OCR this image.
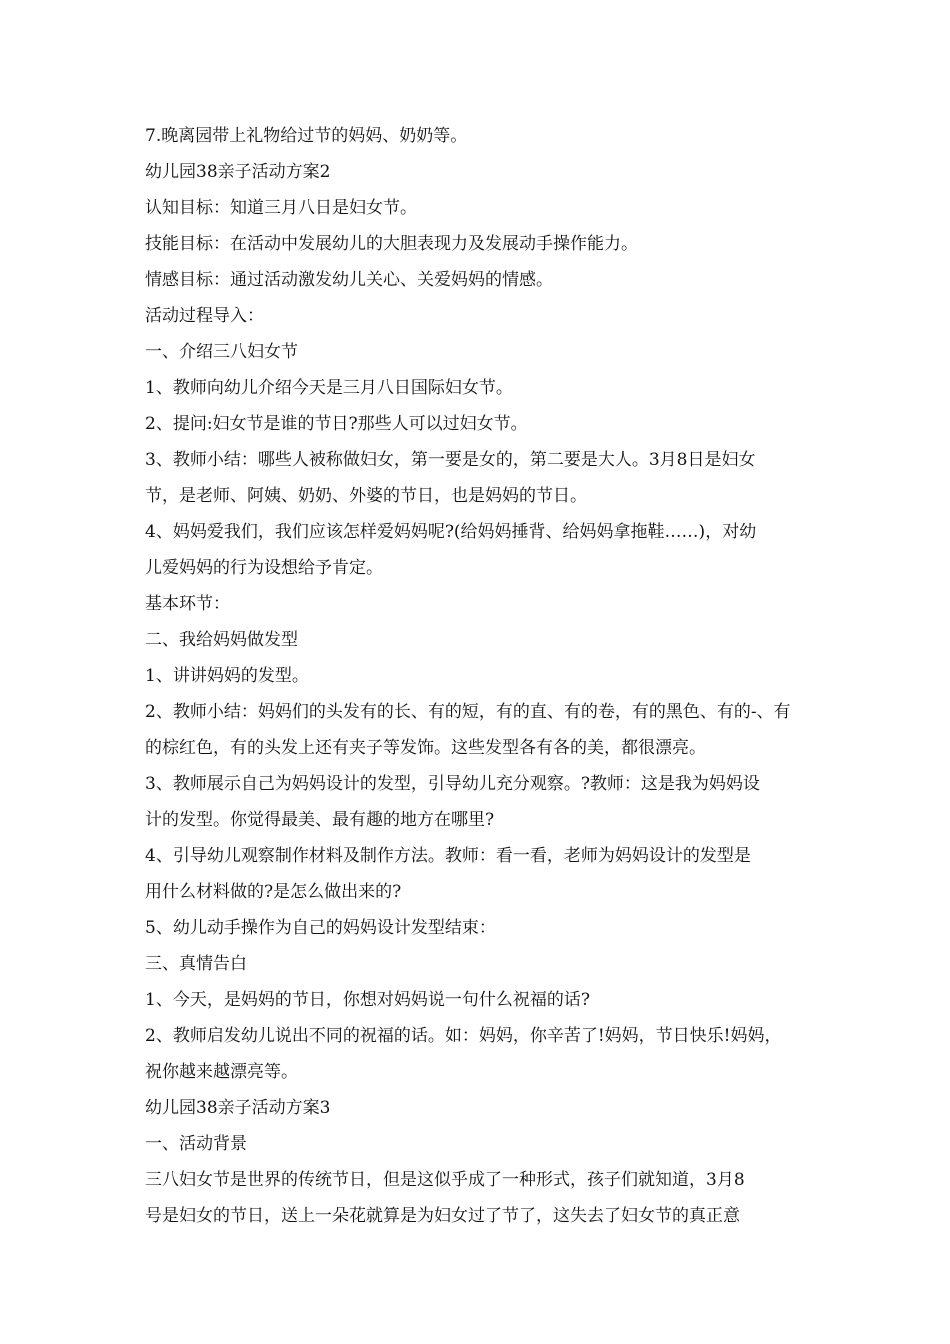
7.晚离园带上礼物给过节的妈妈、奶奶等。

幼儿园38亲子活动方案2

认知目标：知道三月八日是妇女节。

技能目标：在活动中发展幼儿的大胆表现力及发展动手操作能力。

情感目标：通过活动激发幼儿关心、关爱妈妈的情感。

活动过程导入：

一、介绍三八妇女节

1、教师向幼儿介绍今天是三月八日国际妇女节。

2、提问:妇女节是谁的节日?那些人可以过妇女节。

3、教师小结：哪些人被称做妇女，第一要是女的，第二要是大人。3月8日是妇女

节，是老师、阿姨、奶奶、外婆的节日，也是妈妈的节日。

4、妈妈爱我们，我们应该怎样爱妈妈呢?(给妈妈捶背、给妈妈拿拖鞋……)，对幼

儿爱妈妈的行为设想给予肯定。

基本环节：

二、我给妈妈做发型

1、讲讲妈妈的发型。

2、教师小结：妈妈们的头发有的长、有的短，有的直、有的卷，有的黑色、有的-、有

的棕红色，有的头发上还有夹子等发饰。这些发型各有各的美，都很漂亮。

3、教师展示自己为妈妈设计的发型，引导幼儿充分观察。?教师：这是我为妈妈设

计的发型。你觉得最美、最有趣的地方在哪里?

4、引导幼儿观察制作材料及制作方法。教师：看一看，老师为妈妈设计的发型是

用什么材料做的?是怎么做出来的?

5、幼儿动手操作为自己的妈妈设计发型结束：

三、真情告白

1、今天，是妈妈的节日，你想对妈妈说一句什么祝福的话?

2、教师启发幼儿说出不同的祝福的话。如：妈妈，你辛苦了!妈妈，节日快乐!妈妈，

祝你越来越漂亮等。

幼儿园38亲子活动方案3

一、活动背景

三八妇女节是世界的传统节日，但是这似乎成了一种形式，孩子们就知道，3月8

号是妇女的节日，送上一朵花就算是为妇女过了节了，这失去了妇女节的真正意
